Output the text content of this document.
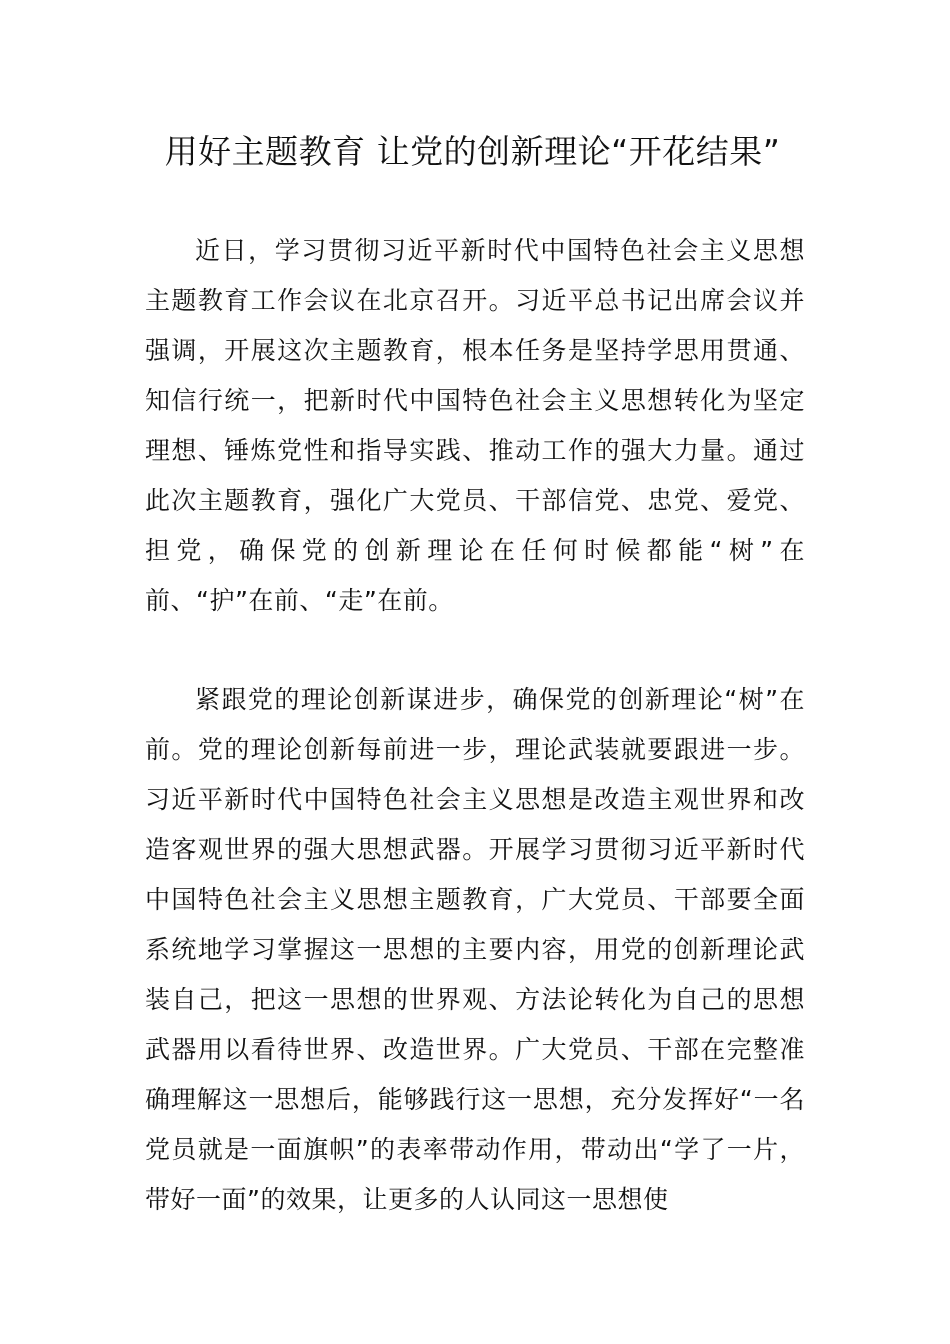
用好主题教育 让党的创新理论“开花结果”

近日，学习贯彻习近平新时代中国特色社会主义思想主题教育工作会议在北京召开。习近平总书记出席会议并强调，开展这次主题教育，根本任务是坚持学思用贯通、知信行统一，把新时代中国特色社会主义思想转化为坚定理想、锤炼党性和指导实践、推动工作的强大力量。通过此次主题教育，强化广大党员、干部信党、忠党、爱党、担党，确保党的创新理论在任何时候都能“树”在前、“护”在前、“走”在前。

紧跟党的理论创新谋进步，确保党的创新理论“树”在前。党的理论创新每前进一步，理论武装就要跟进一步。习近平新时代中国特色社会主义思想是改造主观世界和改造客观世界的强大思想武器。开展学习贯彻习近平新时代中国特色社会主义思想主题教育，广大党员、干部要全面系统地学习掌握这一思想的主要内容，用党的创新理论武装自己，把这一思想的世界观、方法论转化为自己的思想武器用以看待世界、改造世界。广大党员、干部在完整准确理解这一思想后，能够践行这一思想，充分发挥好“一名党员就是一面旗帜”的表率带动作用，带动出“学了一片，带好一面”的效果，让更多的人认同这一思想使
